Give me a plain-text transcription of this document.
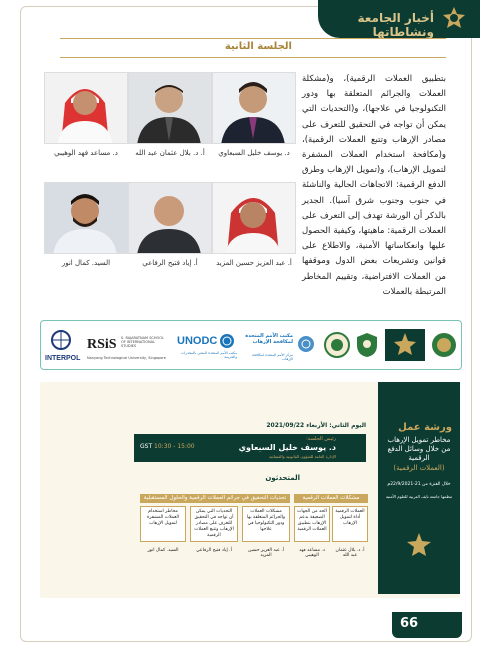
أخبار الجامعة ونشاطاتها
الجلسة الثانية
بتطبيق العملات الرقمية)، و(مشكلة العملات والجرائم المتعلقة بها ودور التكنولوجيا في علاجها)، و(التحديات التي يمكن أن تواجه في التحقيق للتعرف على مصادر الإرهاب وتتبع العملات الرقمية)، و(مكافحة استخدام العملات المشفرة لتمويل الإرهاب)، و(تمويل الإرهاب وطرق الدفع الرقمية: الاتجاهات الحالية والناشئة في جنوب وجنوب شرق آسيا). الجدير بالذكر أن الورشة تهدف إلى التعرف على العملات الرقمية: ماهيتها، وكيفية الحصول عليها وانعكاساتها الأمنية، والاطلاع على قوانين وتشريعات بعض الدول وموقفها من العملات الافتراضية، وتقييم المخاطر المرتبطة بالعملات
د. يوسف خليل السبعاوي
أ. د. بلال عثمان عبد الله
د. مساعد فهد الوهيبي
أ. عبد العزيز حسين المزيد
أ. إياد فتيح الرفاعي
السيد. كمال انور
INTERPOL
RSiS S. RAJARATNAM SCHOOL OF INTERNATIONAL STUDIES
Nanyang Technological University, Singapore
UNODC
مكتب الأمم المتحدة المعني بالمخدرات والجريمة
مكتب الأمم المتحدة لمكافحة الإرهاب
مركز الأمم المتحدة لمكافحة الإرهاب
ورشة عمل
مخاطر تمويل الإرهاب من خلال وسائل الدفع الرقمية
(العملات الرقمية)
خلال الفترة من 21-22/9/2021م
تنظمها جامعة نايف العربية للعلوم الأمنية
اليوم الثاني: الأربعاء 2021/09/22
رئيس الجلسة:
د. يوسف خليل السبعاوي
الإدارة العامة للشؤون القانونية والقضائية
GST 10:30 - 15:00
المتحدثون
مشكلات العملات الرقمية
تحديات التحقيق في جرائم العملات الرقمية والحلول المستقبلية
الحد من الجهات الضعيفة بدعم الإرهاب بتطبيق العملات الرقمية
العملات الرقمية أداة لتمويل الإرهاب
مشكلات العملات والجرائم المتعلقة بها ودور التكنولوجيا في علاجها
التحديات التي يمكن أن تواجه في التحقيق للتعرف على مصادر الإرهاب وتتبع العملات الرقمية
مخاطر استخدام العملات المشفرة لتمويل الإرهاب
السيد. كمال انور	أ. إياد فتيح الرفاعي	أ. عبد العزيز حسين المزيد
د. مساعد فهد الوهيبي
أ. د. بلال عثمان عبد الله
66
